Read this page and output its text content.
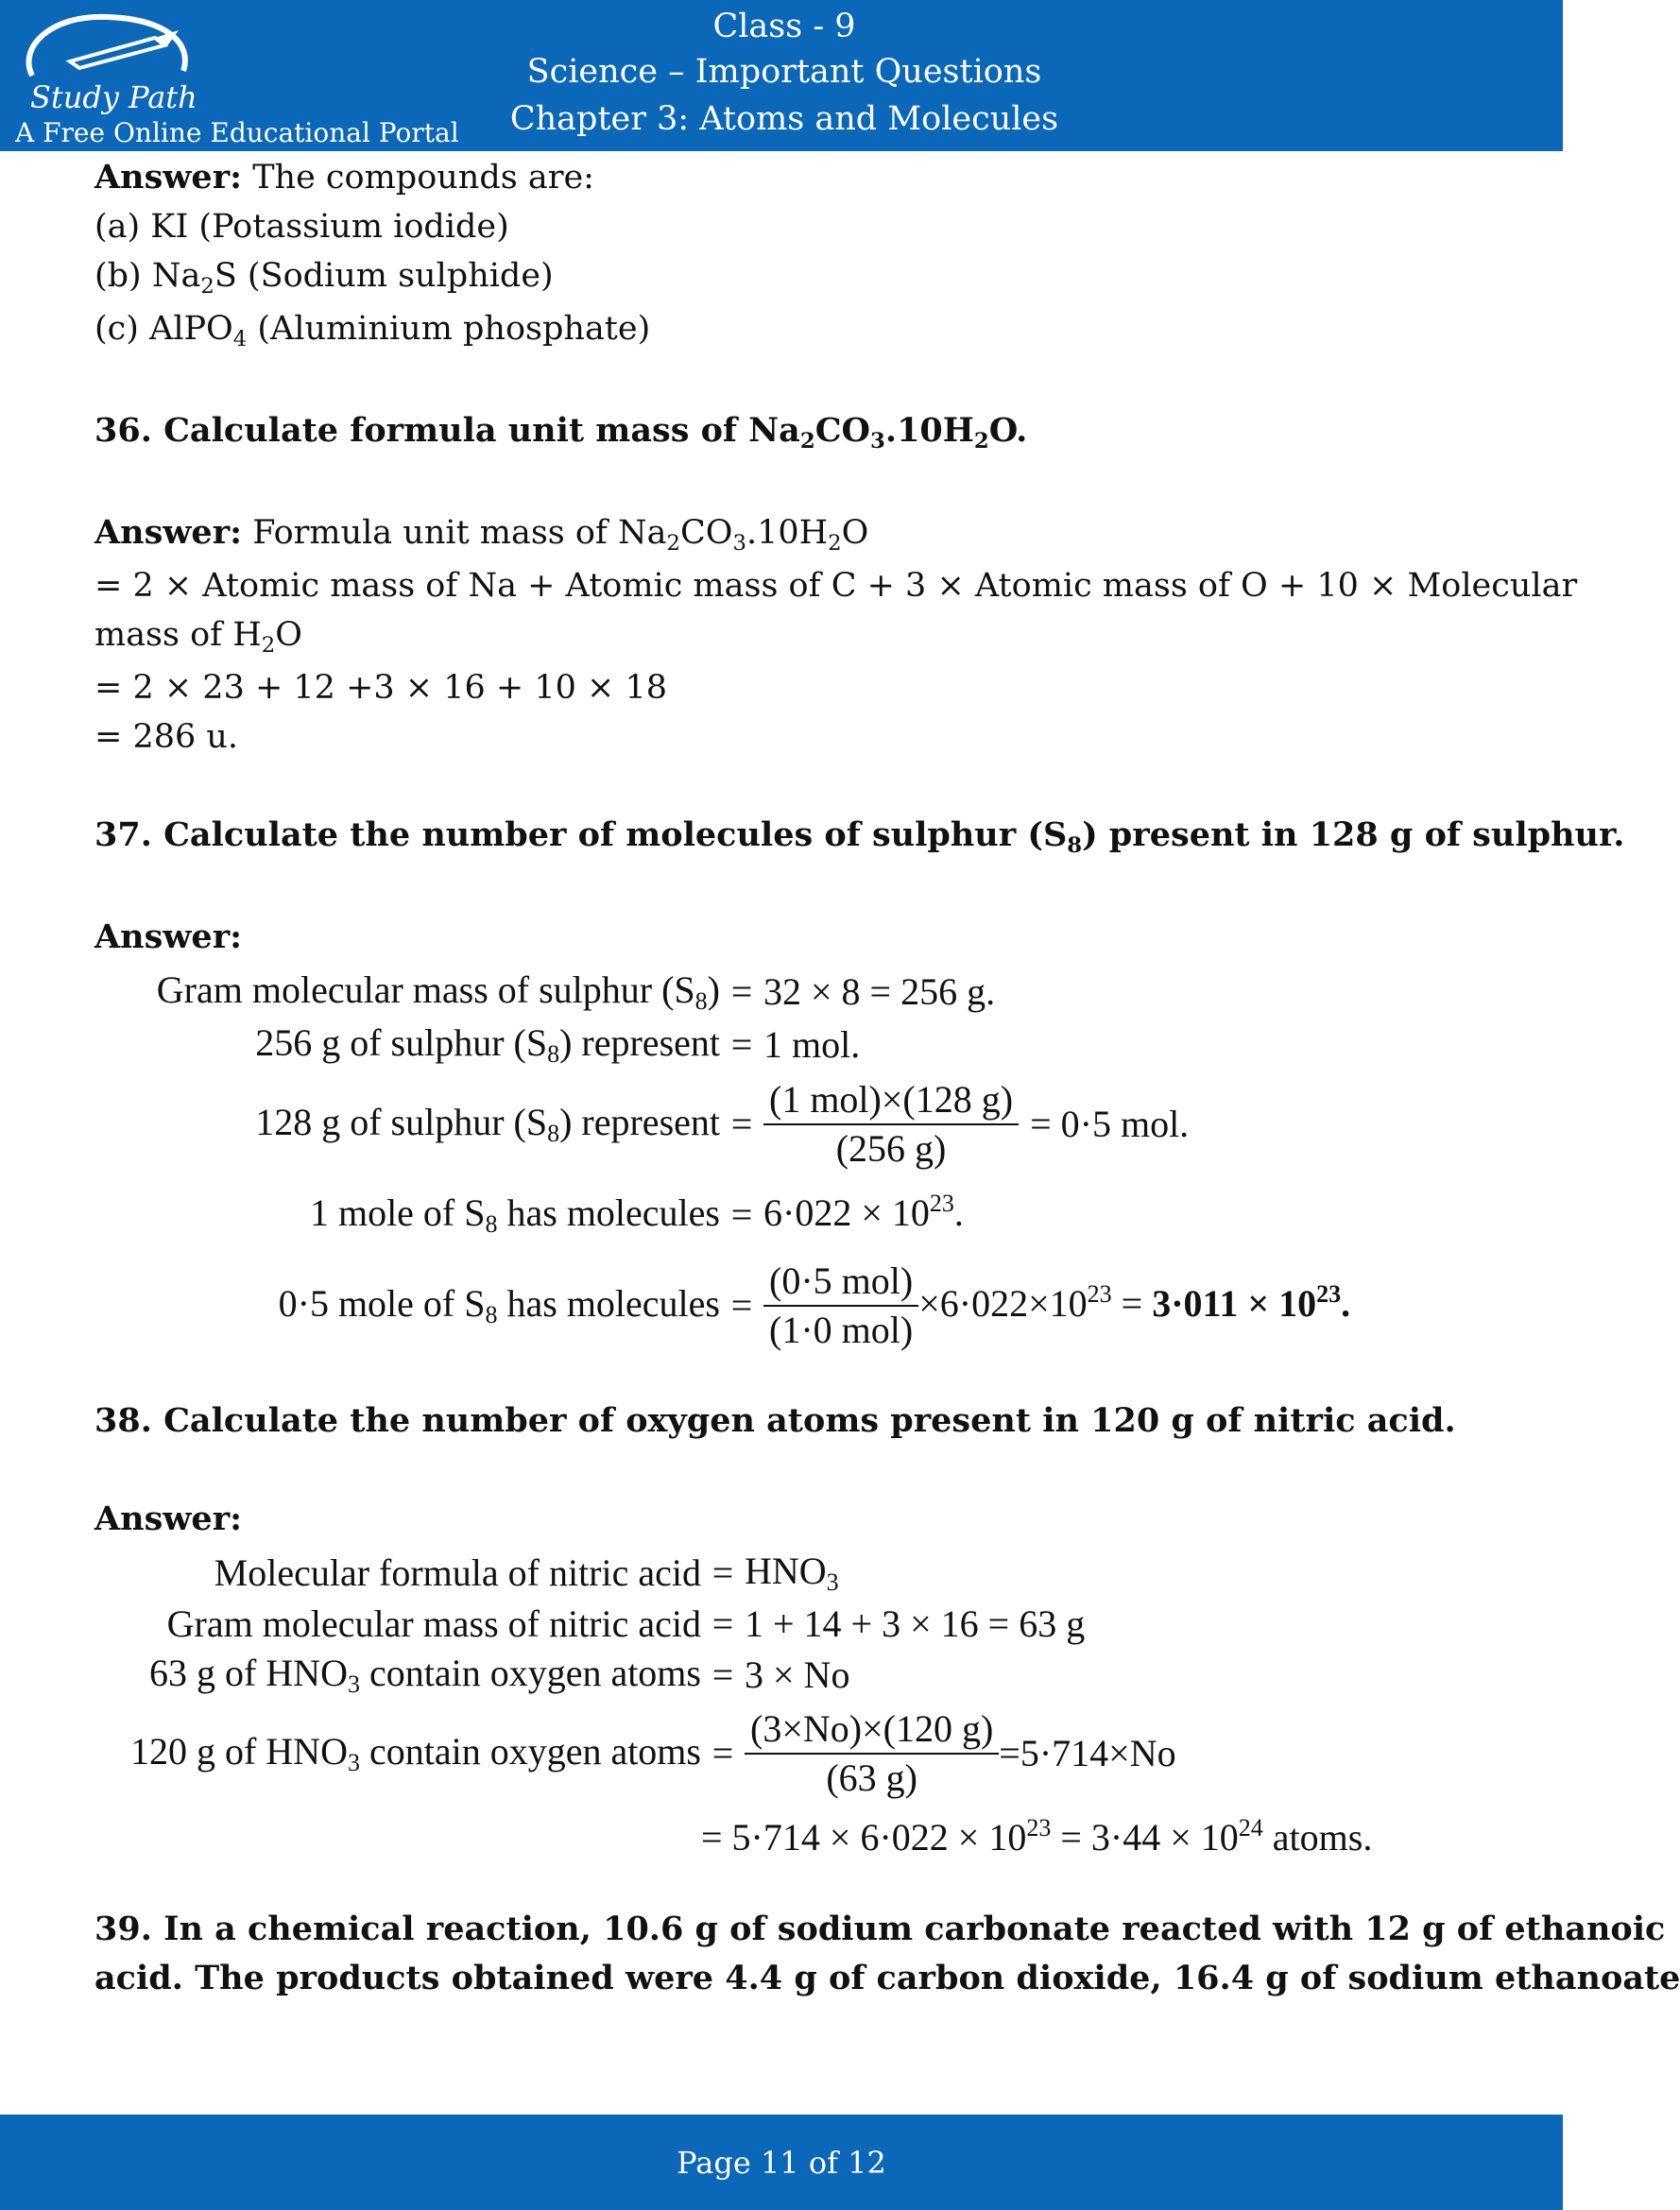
Study Path
A Free Online Educational Portal
Class - 9
Science – Important Questions
Chapter 3: Atoms and Molecules
Answer: The compounds are:
(a) KI (Potassium iodide)
(b) $Na_2S$ (Sodium sulphide)
(c) AlPO$_4$ (Aluminium phosphate)
36. Calculate formula unit mass of $Na_2CO_3.10H_2O$.
Answer: Formula unit mass of $Na_2CO_3.10H_2O$
= 2 × Atomic mass of Na + Atomic mass of C + 3 × Atomic mass of O + 10 × Molecular
mass of $H_2O$
= 2 × 23 + 12 +3 × 16 + 10 × 18
= 286 u.
37. Calculate the number of molecules of sulphur $(S_8)$ present in 128 g of sulphur.
Answer:
Gram molecular mass of sulphur $(S_8) = 32 \times 8 = 256$ g.
256 g of sulphur $(S_8)$ represent = 1 mol.
128 g of sulphur $(S_8)$ represent = $\frac{\text{(1 mol)×(128 g)}}{(256 g)} = 0\cdot 5$ mol.
1 mole of $S_8$ has molecules = $6\cdot 022 \times 10^{23}$.
0·5 mole of $S_8$ has molecules = $\frac{\text{(0·5 mol)}}{\text{(1·0 mol)}} \times 6\cdot 022\times 10^{23} = 3\cdot 011 \times 10^{23}$.
38. Calculate the number of oxygen atoms present in 120 g of nitric acid.
Answer:
Molecular formula of nitric acid = $HNO_3$
Gram molecular mass of nitric acid = 1 + 14 + 3 × 16 = 63 g
63 g of $HNO_3$ contain oxygen atoms = 3 × No
120 g of $HNO_3$ contain oxygen atoms = $\frac{(3\times No)\times(120 g)}{(63 g)} =5\cdot 714\times No$
= $5\cdot 714 \times 6\cdot 022 \times 10^{23} = 3\cdot 44 \times 10^{24}$ atoms.
39. In a chemical reaction, 10.6 g of sodium carbonate reacted with 12 g of ethanoic
acid. The products obtained were 4.4 g of carbon dioxide, 16.4 g of sodium ethanoate
Page 11 of 12
